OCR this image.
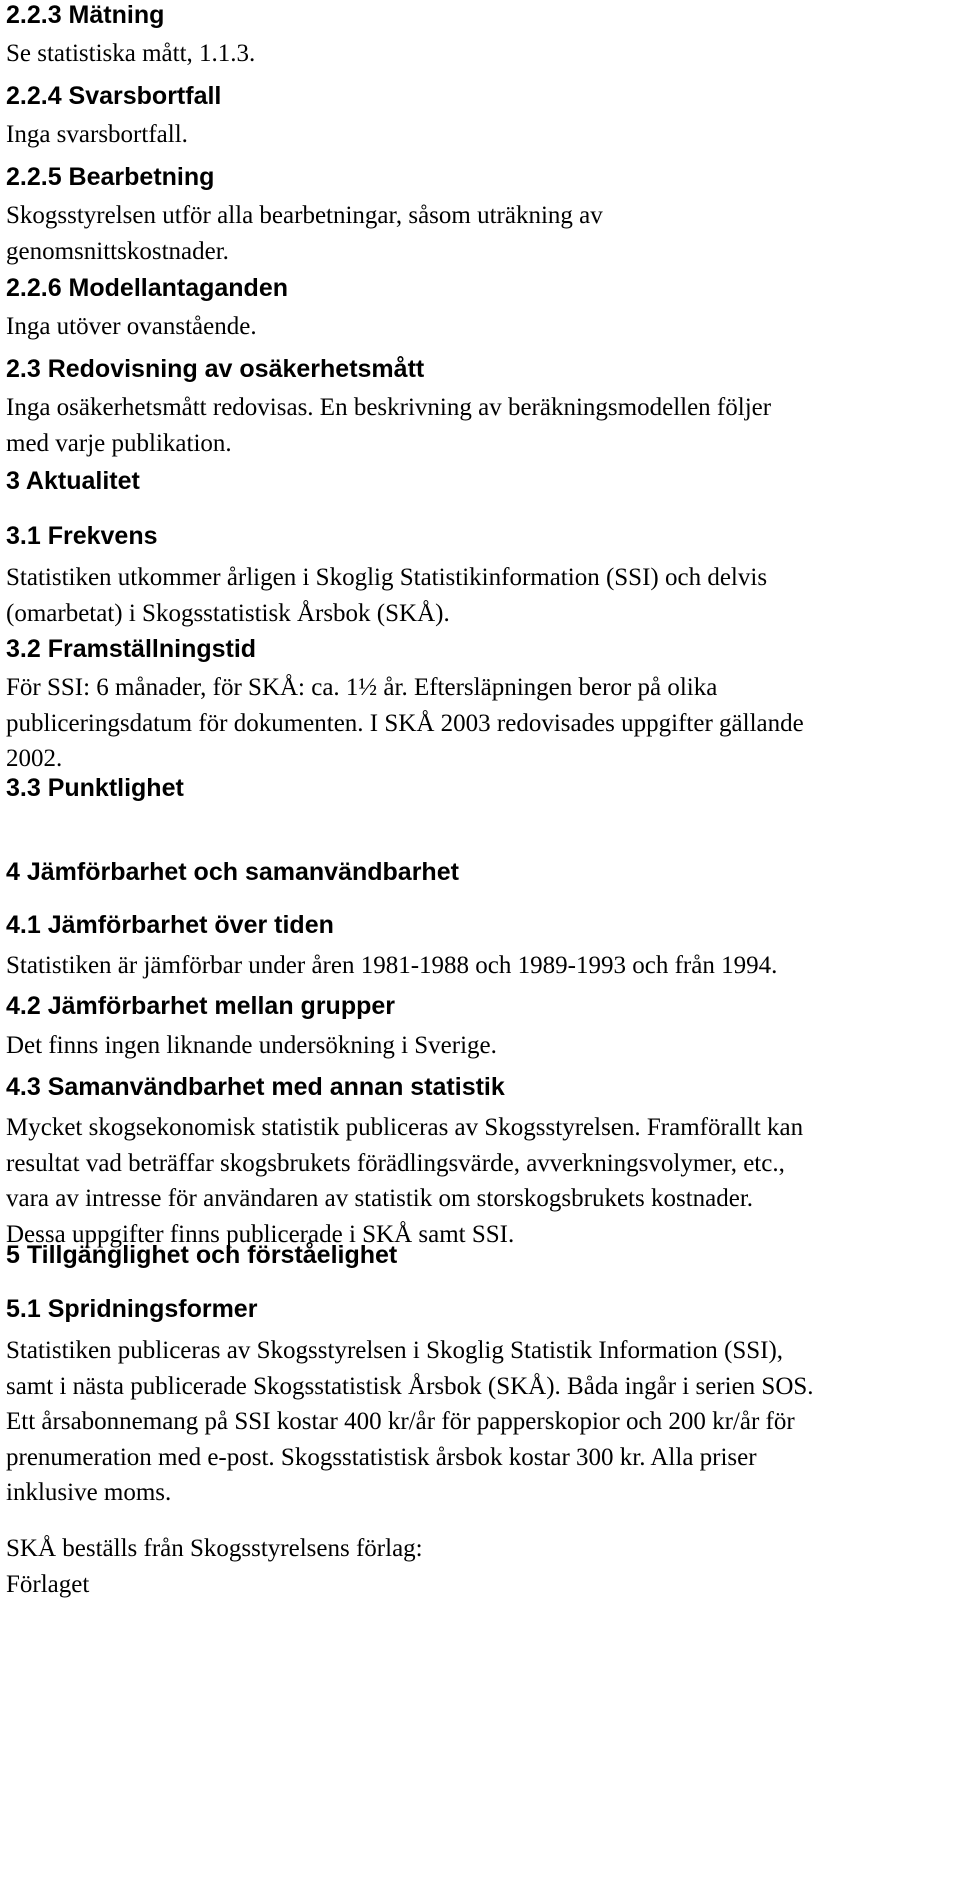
2.2.3 Mätning
Se statistiska mått, 1.1.3.
2.2.4 Svarsbortfall
Inga svarsbortfall.
2.2.5 Bearbetning
Skogsstyrelsen utför alla bearbetningar, såsom uträkning av
genomsnittskostnader.
2.2.6 Modellantaganden
Inga utöver ovanstående.
2.3 Redovisning av osäkerhetsmått
Inga osäkerhetsmått redovisas. En beskrivning av beräkningsmodellen följer
med varje publikation.
3 Aktualitet
3.1 Frekvens
Statistiken utkommer årligen i Skoglig Statistikinformation (SSI) och delvis
(omarbetat) i Skogsstatistisk Årsbok (SKÅ).
3.2 Framställningstid
För SSI: 6 månader, för SKÅ: ca. 1½ år. Eftersläpningen beror på olika
publiceringsdatum för dokumenten. I SKÅ 2003 redovisades uppgifter gällande
2002.
3.3 Punktlighet
4 Jämförbarhet och samanvändbarhet
4.1 Jämförbarhet över tiden
Statistiken är jämförbar under åren 1981-1988 och 1989-1993 och från 1994.
4.2 Jämförbarhet mellan grupper
Det finns ingen liknande undersökning i Sverige.
4.3 Samanvändbarhet med annan statistik
Mycket skogsekonomisk statistik publiceras av Skogsstyrelsen. Framförallt kan
resultat vad beträffar skogsbrukets förädlingsvärde, avverkningsvolymer, etc.,
vara av intresse för användaren av statistik om storskogsbrukets kostnader.
Dessa uppgifter finns publicerade i SKÅ samt SSI.
5 Tillgänglighet och förståelighet
5.1 Spridningsformer
Statistiken publiceras av Skogsstyrelsen i Skoglig Statistik Information (SSI),
samt i nästa publicerade Skogsstatistisk Årsbok (SKÅ). Båda ingår i serien SOS.
Ett årsabonnemang på SSI kostar 400 kr/år för papperskopior och 200 kr/år för
prenumeration med e-post. Skogsstatistisk årsbok kostar 300 kr. Alla priser
inklusive moms.
SKÅ beställs från Skogsstyrelsens förlag:
Förlaget
